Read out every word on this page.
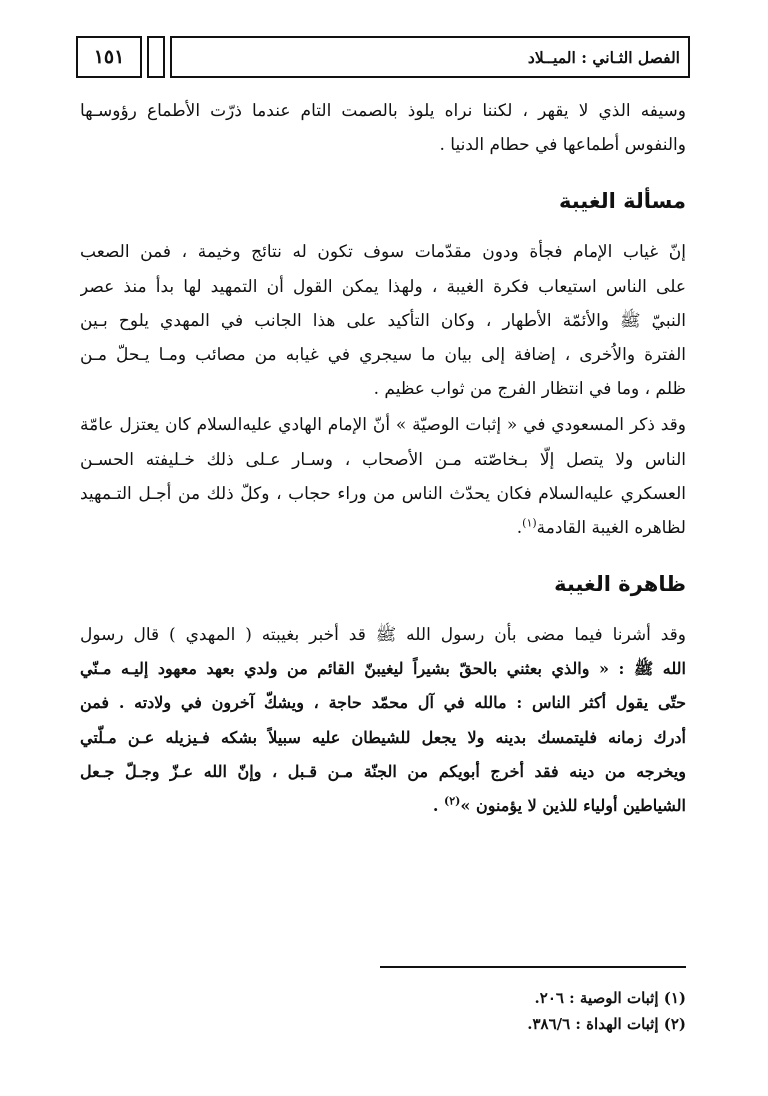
١٥١	الفصل الثـاني : الميــلاد
وسيفه الذي لا يقهر ، لكننا نراه يلوذ بالصمت التام عندما ذرّت الأطماع رؤوسـها
والنفوس أطماعها في حطام الدنيا .
مسألة الغيبة
إنّ غياب الإمام فجأة ودون مقدّمات سوف تكون له نتائج وخيمة ، فمن الصعب
على الناس استيعاب فكرة الغيبة ، ولهذا يمكن القول أن التمهيد لها بدأ منذ عصر
النبيّ ﷺ والأئمّة الأطهار ، وكان التأكيد على هذا الجانب في المهدي يلوح بـين
الفترة والاُخرى ، إضافة إلى بيان ما سيجري في غيابه من مصائب ومـا يـحلّ مـن
ظلم ، وما في انتظار الفرج من ثواب عظيم .
وقد ذكر المسعودي في « إثبات الوصيّة » أنّ الإمام الهادي عليه‌السلام كان يعتزل عامّة
الناس ولا يتصل إلّا بـخاصّته مـن الأصحاب ، وسـار عـلى ذلك خـليفته الحسـن
العسكري عليه‌السلام فكان يحدّث الناس من وراء حجاب ، وكلّ ذلك من أجـل التـمهيد
لظاهره الغيبة القادمة$^{(١)}$.
ظاهرة الغيبة
وقد أشرنا فيما مضى بأن رسول الله ﷺ قد أخبر بغيبته ( المهدي ) قال رسول
الله ﷺ : « والذي بعثني بالحقّ بشيراً ليغيبنّ القائم من ولدي بعهد معهود إليـه مـنّي
حتّى يقول أكثر الناس : مالله في آل محمّد حاجة ، ويشكّ آخرون في ولادته . فمن
أدرك زمانه فليتمسك بدينه ولا يجعل للشيطان عليه سبيلاً بشكه فـيزيله عـن مـلّتي
ويخرجه من دينه فقد أخرج أبويكم من الجنّة مـن قـبل ، وإنّ الله عـزّ وجـلّ جـعل
الشياطين أولياء للذين لا يؤمنون »$^{(٢)}$ .
(١) إثبات الوصية : ٢٠٦.
(٢) إثبات الهداة : ٣٨٦/٦.
